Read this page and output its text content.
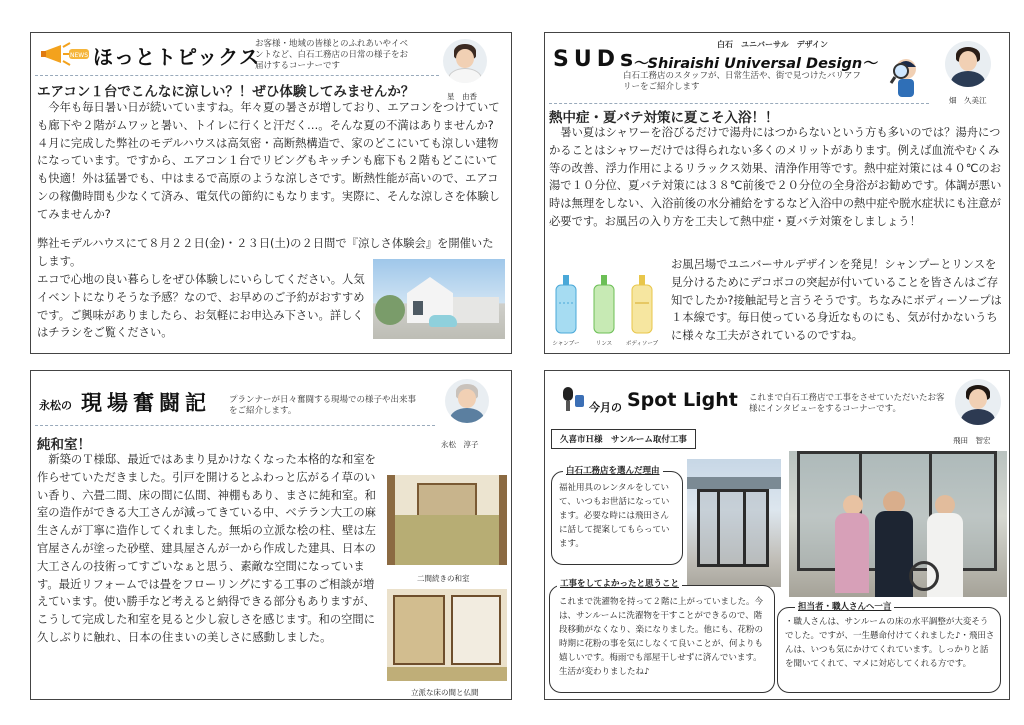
NEWS ほっとトピックス
お客様・地域の皆様とのふれあいやイベントなど、白石工務店の日常の様子をお届けするコーナーです
星　由香
エアコン１台でこんなに涼しい？！ぜひ体験してみませんか？
　今年も毎日暑い日が続いていますね。年々夏の暑さが増しており、エアコンをつけていても廊下や２階がムワッと暑い、トイレに行くと汗だく…。そんな夏の不満はありませんか?４月に完成した弊社のモデルハウスは高気密・高断熱構造で、家のどこにいても涼しい建物になっています。ですから、エアコン１台でリビングもキッチンも廊下も２階もどこにいても快適！外は猛暑でも、中はまるで高原のような涼しさです。断熱性能が高いので、エアコンの稼働時間も少なくて済み、電気代の節約にもなります。実際に、そんな涼しさを体験してみませんか?
弊社モデルハウスにて８月２２日(金)・２３日(土)の２日間で『涼しさ体験会』を開催いたします。
エコで心地の良い暮らしをぜひ体験しにいらしてください。人気イベントになりそうな予感？なので、お早めのご予約がおすすめです。ご興味がありましたら、お気軽にお申込み下さい。詳しくはチラシをご覧ください。
SUDs
白石　ユニバーサル　デザイン
～Shiraishi Universal Design～
白石工務店のスタッフが、日常生活や、街で見つけたバリアフリーをご紹介します
畑　久美江
熱中症・夏バテ対策に夏こそ入浴！！
　暑い夏はシャワーを浴びるだけで湯舟にはつからないという方も多いのでは？湯舟につかることはシャワーだけでは得られない多くのメリットがあります。例えば血流やむくみ等の改善、浮力作用によるリラックス効果、清浄作用等です。熱中症対策には４０℃のお湯で１０分位、夏バテ対策には３８℃前後で２０分位の全身浴がお勧めです。体調が悪い時は無理をしない、入浴前後の水分補給をするなど入浴中の熱中症や脱水症状にも注意が必要です。お風呂の入り方を工夫して熱中症・夏バテ対策をしましょう！
お風呂場でユニバーサルデザインを発見！シャンプーとリンスを見分けるためにデコボコの突起が付いていることを皆さんはご存知でしたか?接触記号と言うそうです。ちなみにボディーソープは１本線です。毎日使っている身近なものにも、気が付かないうちに様々な工夫がされているのですね。
シャンプー	リンス ボディソープ
永松の 現場奮闘記 プランナーが日々奮闘する現場での様子や出来事をご紹介します。
永松　淳子
純和室！
　新築のＴ様邸、最近ではあまり見かけなくなった本格的な和室を作らせていただきました。引戸を開けるとふわっと広がるイ草のいい香り、六畳二間、床の間に仏間、神棚もあり、まさに純和室。和室の造作ができる大工さんが減ってきている中、ベテラン大工の麻生さんが丁寧に造作してくれました。無垢の立派な桧の柱、壁は左官屋さんが塗った砂壁、建具屋さんが一から作成した建具、日本の大工さんの技術ってすごいなぁと思う、素敵な空間になっています。最近リフォームでは畳をフローリングにする工事のご相談が増えています。使い勝手など考えると納得できる部分もありますが、こうして完成した和室を見ると少し寂しさを感じます。和の空間に久しぶりに触れ、日本の住まいの美しさに感動しました。
二間続きの和室
立派な床の間と仏間
今月の Spot Light これまで白石工務店で工事をさせていただいたお客様にインタビューをするコーナーです。
飛田　智宏
久喜市Ｈ様　サンルーム取付工事
白石工務店を選んだ理由
福祉用具のレンタルをしていて、いつもお世話になっています。必要な時には飛田さんに話して提案してもらっています。
工事をしてよかったと思うこと
これまで洗濯物を持って２階に上がっていました。今は、サンルームに洗濯物を干すことができるので、階段移動がなくなり、楽になりました。他にも、花粉の時期に花粉の事を気にしなくて良いことが、何よりも嬉しいです。梅雨でも部屋干しせずに済んでいます。生活が変わりましたね♪
担当者・職人さんへ一言
・職人さんは、サンルームの床の水平調整が大変そうでした。ですが、一生懸命付けてくれました♪・飛田さんは、いつも気にかけてくれています。しっかりと話を聞いてくれて、マメに対応してくれる方です。
